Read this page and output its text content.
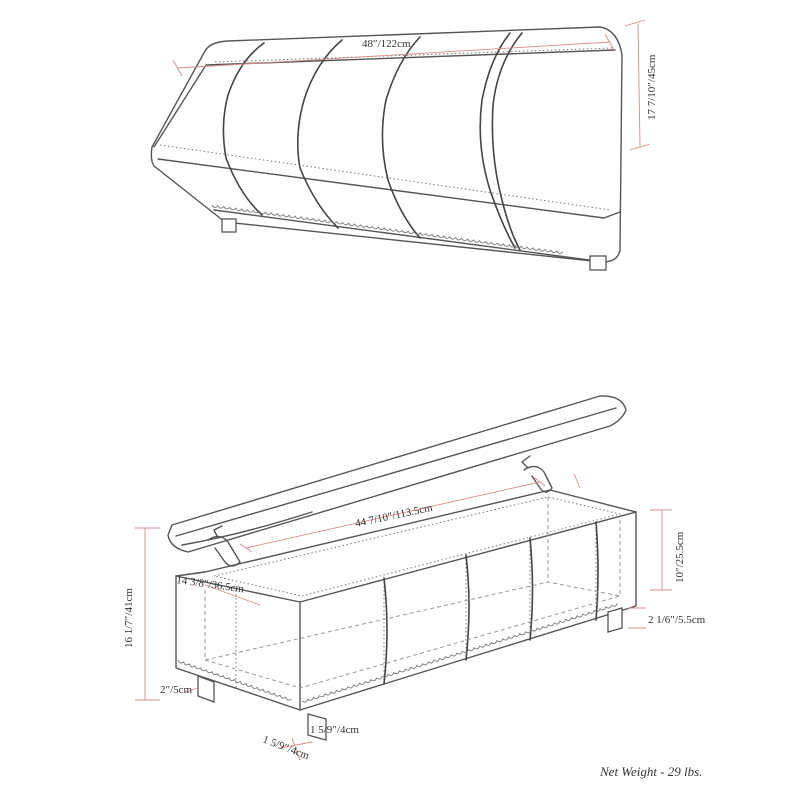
48″/122cm
17 7/10″/45cm
44 7/10″/113.5cm
14 3/8″/36.5cm
16 1/7″/41cm
10″/25.5cm
2 1/6″/5.5cm
2″/5cm
1 5/9″/4cm
1 5/9″/4cm
Net Weight - 29 lbs.
